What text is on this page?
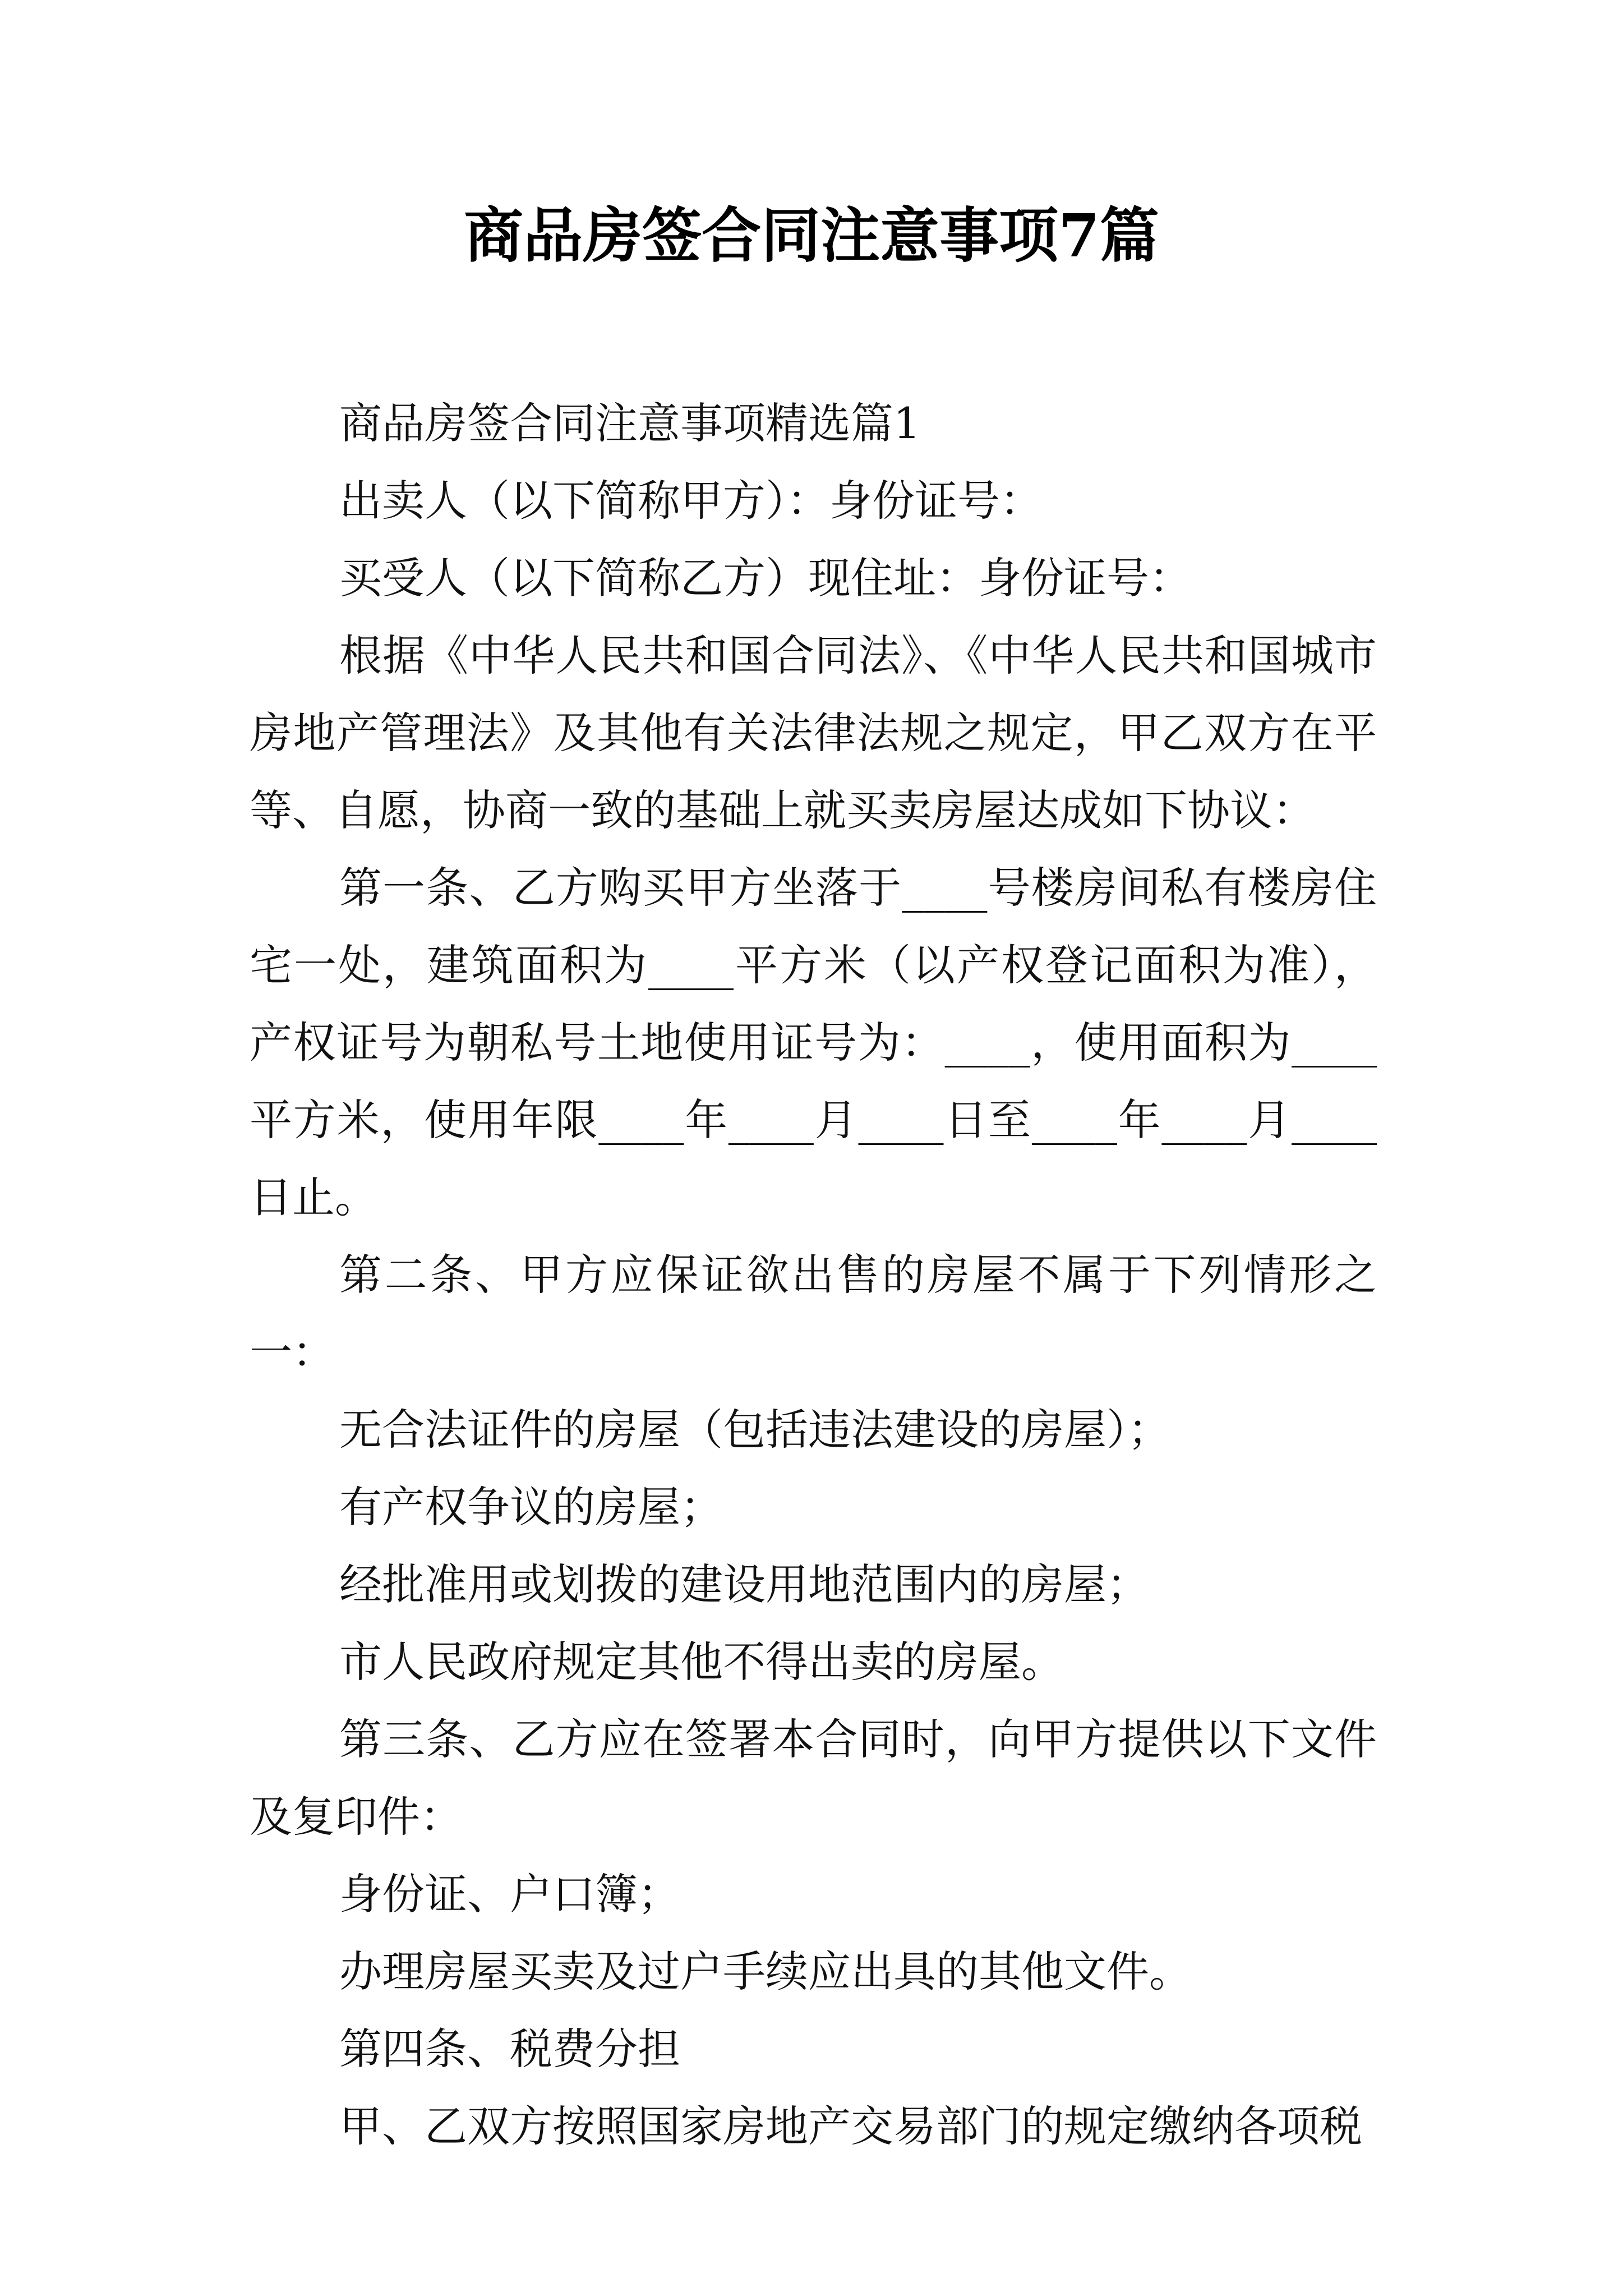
商品房签合同注意事项7篇

商品房签合同注意事项精选篇1

出卖人（以下简称甲方）：身份证号：

买受人（以下简称乙方）现住址：身份证号：

根据《中华人民共和国合同法》、《中华人民共和国城市房地产管理法》及其他有关法律法规之规定，甲乙双方在平等、自愿，协商一致的基础上就买卖房屋达成如下协议：

第一条、乙方购买甲方坐落于____号楼房间私有楼房住宅一处，建筑面积为____平方米（以产权登记面积为准），产权证号为朝私号土地使用证号为：____，使用面积为____平方米，使用年限____年____月____日至____年____月____日止。

第二条、甲方应保证欲出售的房屋不属于下列情形之一：

无合法证件的房屋（包括违法建设的房屋）；

有产权争议的房屋；

经批准用或划拨的建设用地范围内的房屋；

市人民政府规定其他不得出卖的房屋。

第三条、乙方应在签署本合同时，向甲方提供以下文件及复印件：

身份证、户口簿；

办理房屋买卖及过户手续应出具的其他文件。

第四条、税费分担

甲、乙双方按照国家房地产交易部门的规定缴纳各项税
